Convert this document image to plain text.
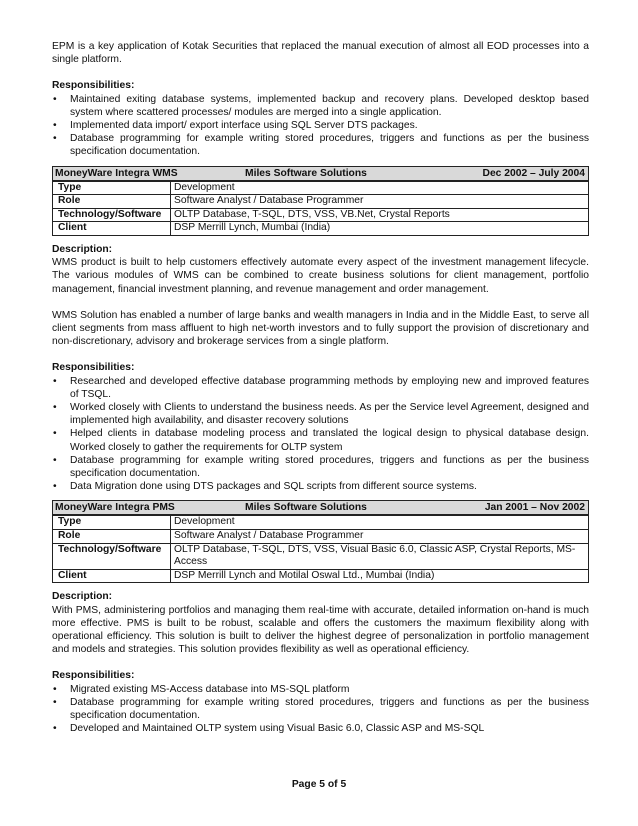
EPM is a key application of Kotak Securities that replaced the manual execution of almost all EOD processes into a single platform.

Responsibilities:

• Maintained exiting database systems, implemented backup and recovery plans. Developed desktop based system where scattered processes/ modules are merged into a single application.
• Implemented data import/ export interface using SQL Server DTS packages.
• Database programming for example writing stored procedures, triggers and functions as per the business specification documentation.
MoneyWare Integra WMS	Miles Software Solutions	Dec 2002 – July 2004
Type	Development
Role	Software Analyst / Database Programmer
Technology/Software	OLTP Database, T-SQL, DTS, VSS, VB.Net, Crystal Reports
Client	DSP Merrill Lynch, Mumbai (India)

Description:

WMS product is built to help customers effectively automate every aspect of the investment management lifecycle. The various modules of WMS can be combined to create business solutions for client management, portfolio management, financial investment planning, and revenue management and order management.

WMS Solution has enabled a number of large banks and wealth managers in India and in the Middle East, to serve all client segments from mass affluent to high net-worth investors and to fully support the provision of discretionary and non-discretionary, advisory and brokerage services from a single platform.

Responsibilities:

• Researched and developed effective database programming methods by employing new and improved features of TSQL.
• Worked closely with Clients to understand the business needs. As per the Service level Agreement, designed and implemented high availability, and disaster recovery solutions
• Helped clients in database modeling process and translated the logical design to physical database design. Worked closely to gather the requirements for OLTP system
• Database programming for example writing stored procedures, triggers and functions as per the business specification documentation.
• Data Migration done using DTS packages and SQL scripts from different source systems.
MoneyWare Integra PMS	Miles Software Solutions	Jan 2001 – Nov 2002
Type	Development
Role	Software Analyst / Database Programmer
Technology/Software	OLTP Database, T-SQL, DTS, VSS, Visual Basic 6.0, Classic ASP, Crystal Reports, MS-Access
Client	DSP Merrill Lynch and Motilal Oswal Ltd., Mumbai (India)

Description:

With PMS, administering portfolios and managing them real-time with accurate, detailed information on-hand is much more effective. PMS is built to be robust, scalable and offers the customers the maximum flexibility along with operational efficiency. This solution is built to deliver the highest degree of personalization in portfolio management and models and strategies. This solution provides flexibility as well as operational efficiency.

Responsibilities:

• Migrated existing MS-Access database into MS-SQL platform
• Database programming for example writing stored procedures, triggers and functions as per the business specification documentation.
• Developed and Maintained OLTP system using Visual Basic 6.0, Classic ASP and MS-SQL
Page 5 of 5
